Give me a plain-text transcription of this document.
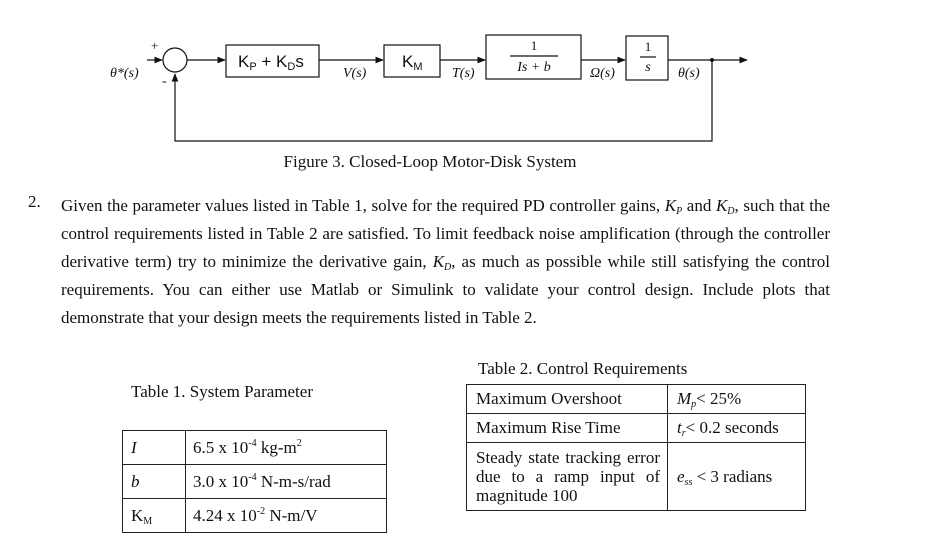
θ*(s)
+
-
KP + KDs
V(s)
KM T(s)
1
Is + b	Ω(s)
1
s θ(s)
Figure 3. Closed-Loop Motor-Disk System
2. Given the parameter values listed in Table 1, solve for the required PD controller gains, $K_P$ and $K_D$, such that the control requirements listed in Table 2 are satisfied. To limit feedback noise amplification (through the controller derivative term) try to minimize the derivative gain, $K_D$, as much as possible while still satisfying the control requirements. You can either use Matlab or Simulink to validate your control design. Include plots that demonstrate that your design meets the requirements listed in Table 2.
Table 1. System Parameter
I	6.5 x $10^{-4}$ $kg-m^2$
b	3.0 x $10^{-4}$ N-m-s/rad
$K_M$	4.24 x $10^{-2}$ N-m/V
Table 2. Control Requirements
Maximum Overshoot	$M_p< 25\%$
Maximum Rise Time	$t_r< 0.2$ seconds
Steady state tracking error due to a ramp input of magnitude 100	$e_{ss} < 3$ radians
